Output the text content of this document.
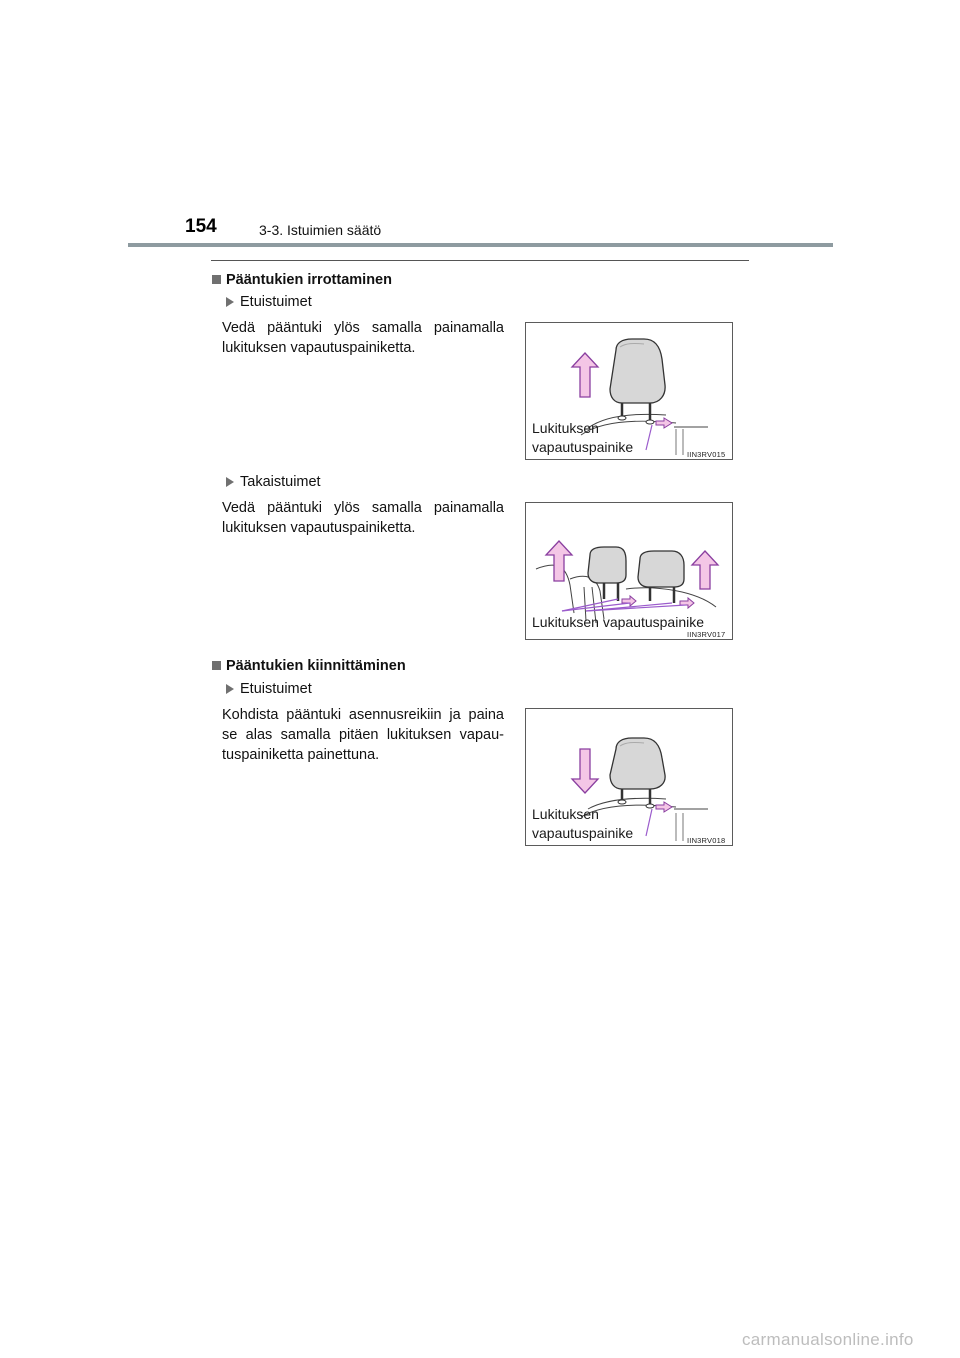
154	3-3. Istuimien säätö
Pääntukien irrottaminen
Etuistuimet
Vedä pääntuki ylös samalla painamalla lukituksen vapautuspainiketta.
Lukituksen
vapautuspainike	IIN3RV015
Takaistuimet
Vedä pääntuki ylös samalla painamalla lukituksen vapautuspainiketta.
Lukituksen vapautuspainike
IIN3RV017
Pääntukien kiinnittäminen
Etuistuimet
Kohdista pääntuki asennusreikiin ja paina se alas samalla pitäen lukituksen vapau-tuspainiketta painettuna.
Lukituksen
vapautuspainike	IIN3RV018
carmanualsonline.info
